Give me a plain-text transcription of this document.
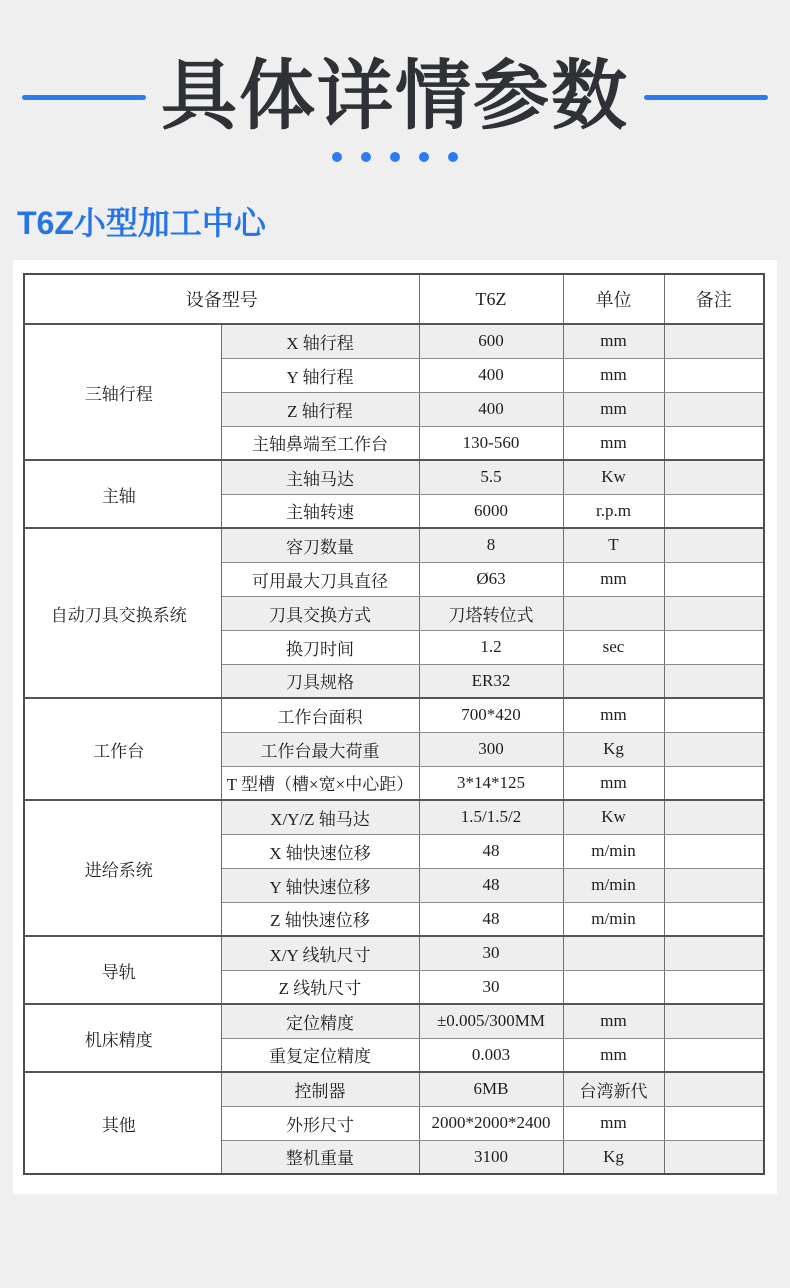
具体详情参数
T6Z小型加工中心
设备型号		T6Z	单位	备注
三轴行程	X 轴行程	600	mm	
	Y 轴行程	400	mm	
	Z 轴行程	400	mm	
	主轴鼻端至工作台	130-560	mm	
主轴	主轴马达	5.5	Kw	
	主轴转速	6000	r.p.m	
自动刀具交换系统	容刀数量	8	T	
	可用最大刀具直径	Ø63	mm	
	刀具交换方式	刀塔转位式		
	换刀时间	1.2	sec	
	刀具规格	ER32		
工作台	工作台面积	700*420	mm	
	工作台最大荷重	300	Kg	
	T 型槽（槽×宽×中心距）	3*14*125	mm	
进给系统	X/Y/Z 轴马达	1.5/1.5/2	Kw	
	X 轴快速位移	48	m/min	
	Y 轴快速位移	48	m/min	
	Z 轴快速位移	48	m/min	
导轨	X/Y 线轨尺寸	30		
	Z 线轨尺寸	30		
机床精度	定位精度	±0.005/300MM	mm	
	重复定位精度	0.003	mm	
其他	控制器	6MB	台湾新代	
	外形尺寸	2000*2000*2400	mm	
	整机重量	3100	Kg	
